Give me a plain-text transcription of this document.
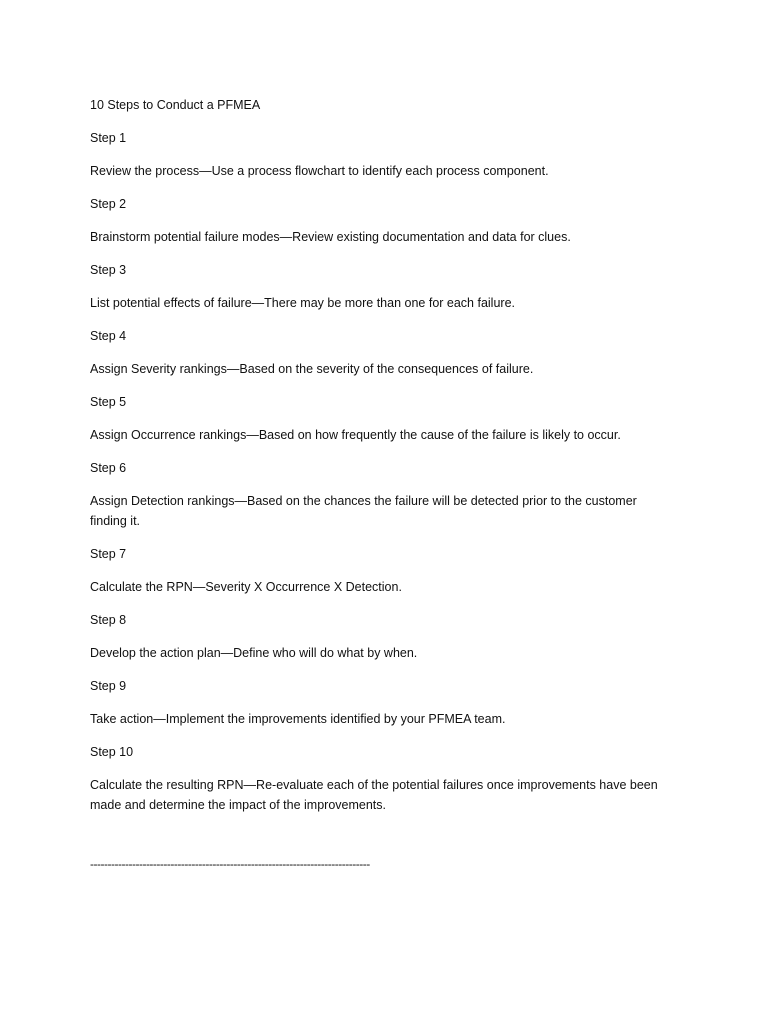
10 Steps to Conduct a PFMEA

Step 1

Review the process—Use a process flowchart to identify each process component.

Step 2

Brainstorm potential failure modes—Review existing documentation and data for clues.

Step 3

List potential effects of failure—There may be more than one for each failure.

Step 4

Assign Severity rankings—Based on the severity of the consequences of failure.

Step 5

Assign Occurrence rankings—Based on how frequently the cause of the failure is likely to occur.

Step 6

Assign Detection rankings—Based on the chances the failure will be detected prior to the customer finding it.

Step 7

Calculate the RPN—Severity X Occurrence X Detection.

Step 8

Develop the action plan—Define who will do what by when.

Step 9

Take action—Implement the improvements identified by your PFMEA team.

Step 10

Calculate the resulting RPN—Re-evaluate each of the potential failures once improvements have been made and determine the impact of the improvements.

--------------------------------------------------------------------------------
